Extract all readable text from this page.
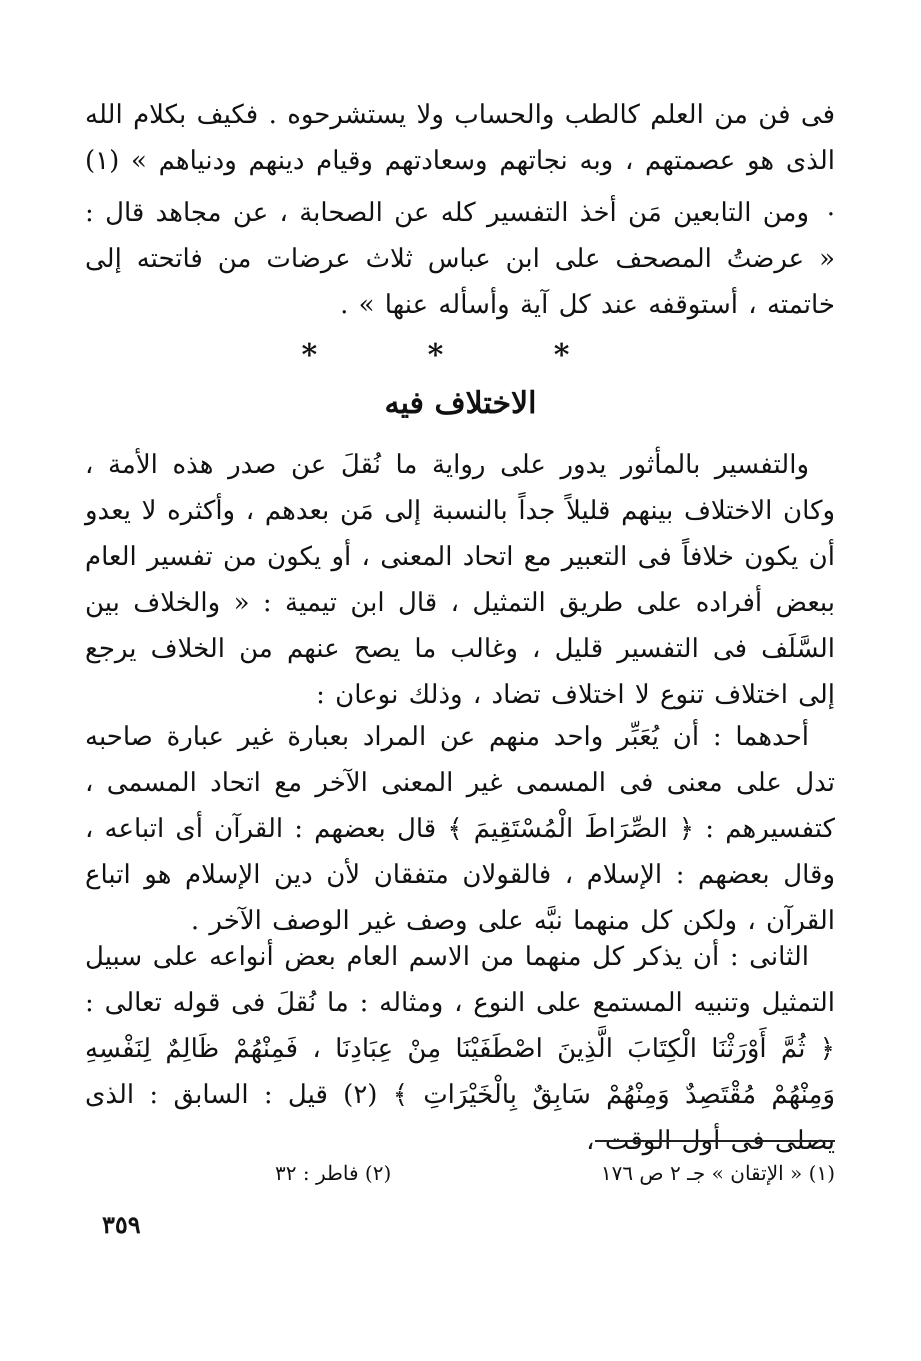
فى فن من العلم كالطب والحساب ولا يستشرحوه . فكيف بكلام الله الذى هو عصمتهم ، وبه نجاتهم وسعادتهم وقيام دينهم ودنياهم » (١) .

ومن التابعين مَن أخذ التفسير كله عن الصحابة ، عن مجاهد قال : « عرضتُ المصحف على ابن عباس ثلاث عرضات من فاتحته إلى خاتمته ، أستوقفه عند كل آية وأسأله عنها » .

* * *
الاختلاف فيه

والتفسير بالمأثور يدور على رواية ما نُقلَ عن صدر هذه الأمة ، وكان الاختلاف بينهم قليلاً جداً بالنسبة إلى مَن بعدهم ، وأكثره لا يعدو أن يكون خلافاً فى التعبير مع اتحاد المعنى ، أو يكون من تفسير العام ببعض أفراده على طريق التمثيل ، قال ابن تيمية : « والخلاف بين السَّلَف فى التفسير قليل ، وغالب ما يصح عنهم من الخلاف يرجع إلى اختلاف تنوع لا اختلاف تضاد ، وذلك نوعان :

أحدهما : أن يُعَبِّر واحد منهم عن المراد بعبارة غير عبارة صاحبه تدل على معنى فى المسمى غير المعنى الآخر مع اتحاد المسمى ، كتفسيرهم : ﴿ الصِّرَاطَ الْمُسْتَقِيمَ ﴾ قال بعضهم : القرآن أى اتباعه ، وقال بعضهم : الإسلام ، فالقولان متفقان لأن دين الإسلام هو اتباع القرآن ، ولكن كل منهما نبَّه على وصف غير الوصف الآخر .

الثانى : أن يذكر كل منهما من الاسم العام بعض أنواعه على سبيل التمثيل وتنبيه المستمع على النوع ، ومثاله : ما نُقلَ فى قوله تعالى : ﴿ ثُمَّ أَوْرَثْنَا الْكِتَابَ الَّذِينَ اصْطَفَيْنَا مِنْ عِبَادِنَا ، فَمِنْهُمْ ظَالِمٌ لِنَفْسِهِ وَمِنْهُمْ مُقْتَصِدٌ وَمِنْهُمْ سَابِقٌ بِالْخَيْرَاتِ ﴾ (٢) قيل : السابق : الذى يصلى فى أول الوقت ،

(١) « الإتقان » جـ ٢ ص ١٧٦
(٢) فاطر : ٣٢
٣٥٩
